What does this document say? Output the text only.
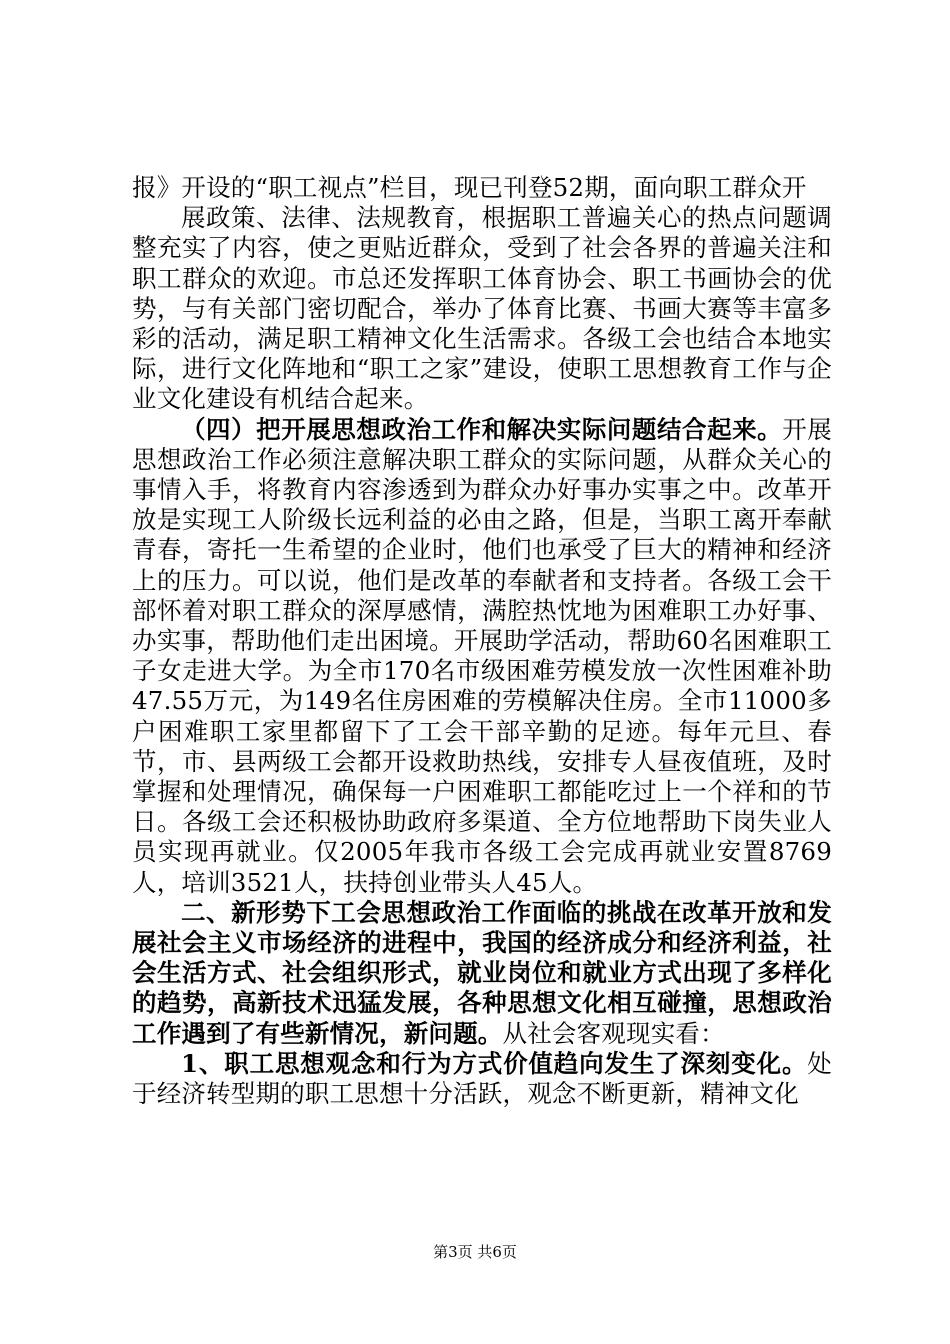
报》开设的“职工视点”栏目，现已刊登52期，面向职工群众开

展政策、法律、法规教育，根据职工普遍关心的热点问题调整充实了内容，使之更贴近群众，受到了社会各界的普遍关注和职工群众的欢迎。市总还发挥职工体育协会、职工书画协会的优势，与有关部门密切配合，举办了体育比赛、书画大赛等丰富多彩的活动，满足职工精神文化生活需求。各级工会也结合本地实际，进行文化阵地和“职工之家”建设，使职工思想教育工作与企业文化建设有机结合起来。

（四）把开展思想政治工作和解决实际问题结合起来。开展思想政治工作必须注意解决职工群众的实际问题，从群众关心的事情入手，将教育内容渗透到为群众办好事办实事之中。改革开放是实现工人阶级长远利益的必由之路，但是，当职工离开奉献青春，寄托一生希望的企业时，他们也承受了巨大的精神和经济上的压力。可以说，他们是改革的奉献者和支持者。各级工会干部怀着对职工群众的深厚感情，满腔热忱地为困难职工办好事、办实事，帮助他们走出困境。开展助学活动，帮助60名困难职工子女走进大学。为全市170名市级困难劳模发放一次性困难补助47.55万元，为149名住房困难的劳模解决住房。全市11000多户困难职工家里都留下了工会干部辛勤的足迹。每年元旦、春节，市、县两级工会都开设救助热线，安排专人昼夜值班，及时掌握和处理情况，确保每一户困难职工都能吃过上一个祥和的节日。各级工会还积极协助政府多渠道、全方位地帮助下岗失业人员实现再就业。仅2005年我市各级工会完成再就业安置8769人，培训3521人，扶持创业带头人45人。

二、新形势下工会思想政治工作面临的挑战在改革开放和发展社会主义市场经济的进程中，我国的经济成分和经济利益，社会生活方式、社会组织形式，就业岗位和就业方式出现了多样化的趋势，高新技术迅猛发展，各种思想文化相互碰撞，思想政治工作遇到了有些新情况，新问题。从社会客观现实看：

1、职工思想观念和行为方式价值趋向发生了深刻变化。处于经济转型期的职工思想十分活跃，观念不断更新，精神文化

第3页 共6页
